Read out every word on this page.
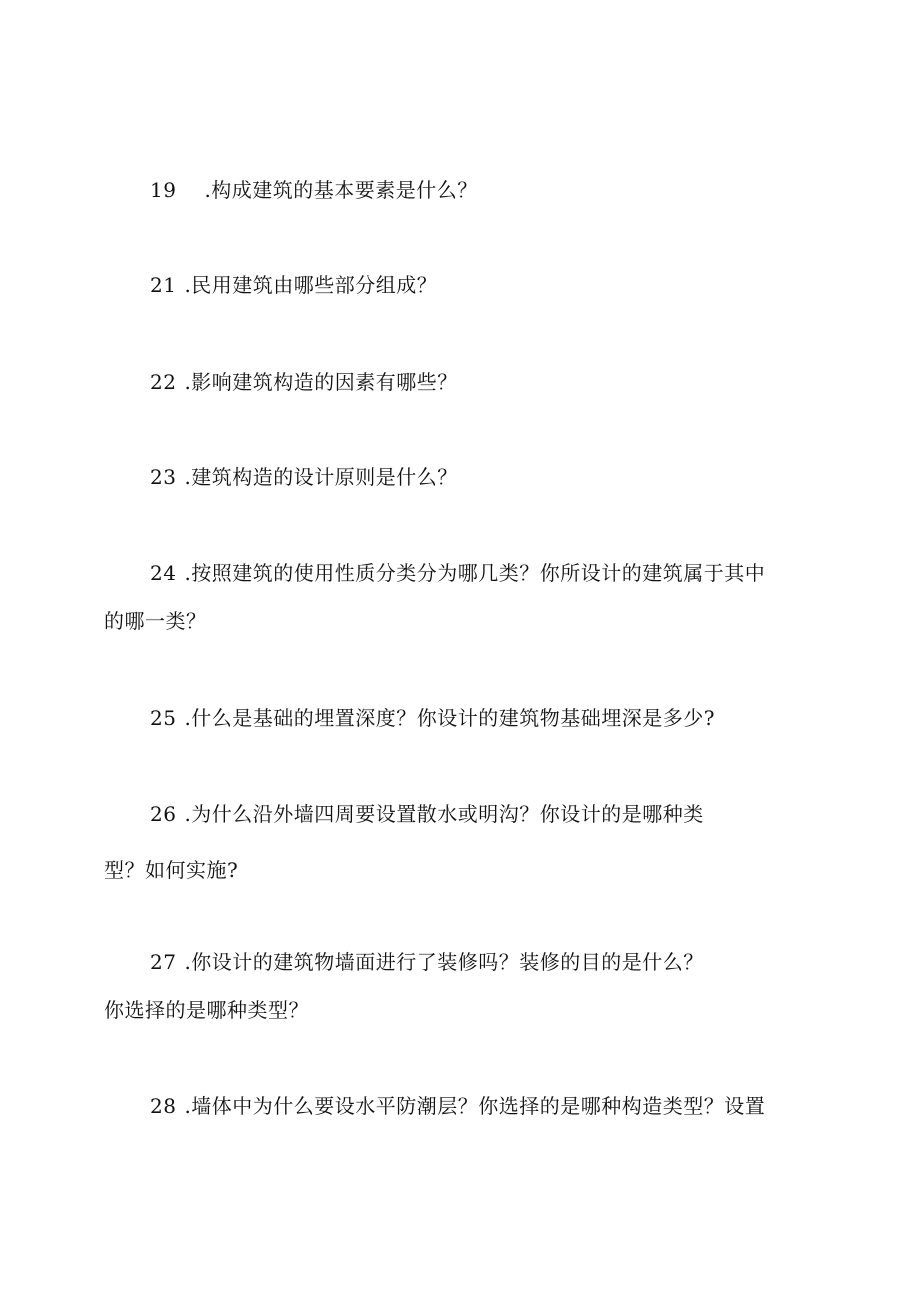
19 .构成建筑的基本要素是什么？
21 .民用建筑由哪些部分组成？
22 .影响建筑构造的因素有哪些？
23 .建筑构造的设计原则是什么？
24 .按照建筑的使用性质分类分为哪几类？你所设计的建筑属于其中
的哪一类？
25 .什么是基础的埋置深度？你设计的建筑物基础埋深是多少?
26 .为什么沿外墙四周要设置散水或明沟？你设计的是哪种类
型？如何实施?
27 .你设计的建筑物墙面进行了装修吗？装修的目的是什么？
你选择的是哪种类型？
28 .墙体中为什么要设水平防潮层？你选择的是哪种构造类型？设置
